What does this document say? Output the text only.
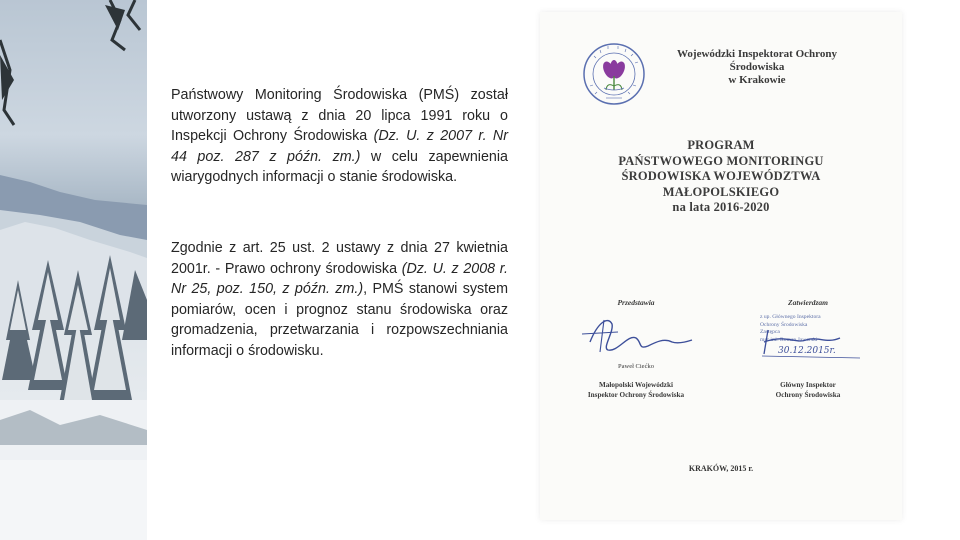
Państwowy Monitoring Środowiska (PMŚ) został utworzony ustawą z dnia 20 lipca 1991 roku o Inspekcji Ochrony Środowiska (Dz. U. z 2007 r. Nr 44 poz. 287 z późn. zm.) w celu zapewnienia wiarygodnych informacji o stanie środowiska.

Zgodnie z art. 25 ust. 2 ustawy z dnia 27 kwietnia 2001r. - Prawo ochrony środowiska (Dz. U. z 2008 r. Nr 25, poz. 150, z późn. zm.), PMŚ stanowi system pomiarów, ocen i prognoz stanu środowiska oraz gromadzenia, przetwarzania i rozpowszechniania informacji o środowisku.

Wojewódzki Inspektorat Ochrony Środowiska
w Krakowie
PROGRAM
PAŃSTWOWEGO MONITORINGU
ŚRODOWISKA WOJEWÓDZTWA
MAŁOPOLSKIEGO
na lata 2016-2020
Przedstawia
Paweł Ciećko
Małopolski Wojewódzki
Inspektor Ochrony Środowiska
Zatwierdzam
Główny Inspektor
Ochrony Środowiska
z up. Głównego Inspektora
Ochrony Środowiska
Zastępca
mgr inż. Roman Jaworski
30.12.2015r.
KRAKÓW, 2015 r.
